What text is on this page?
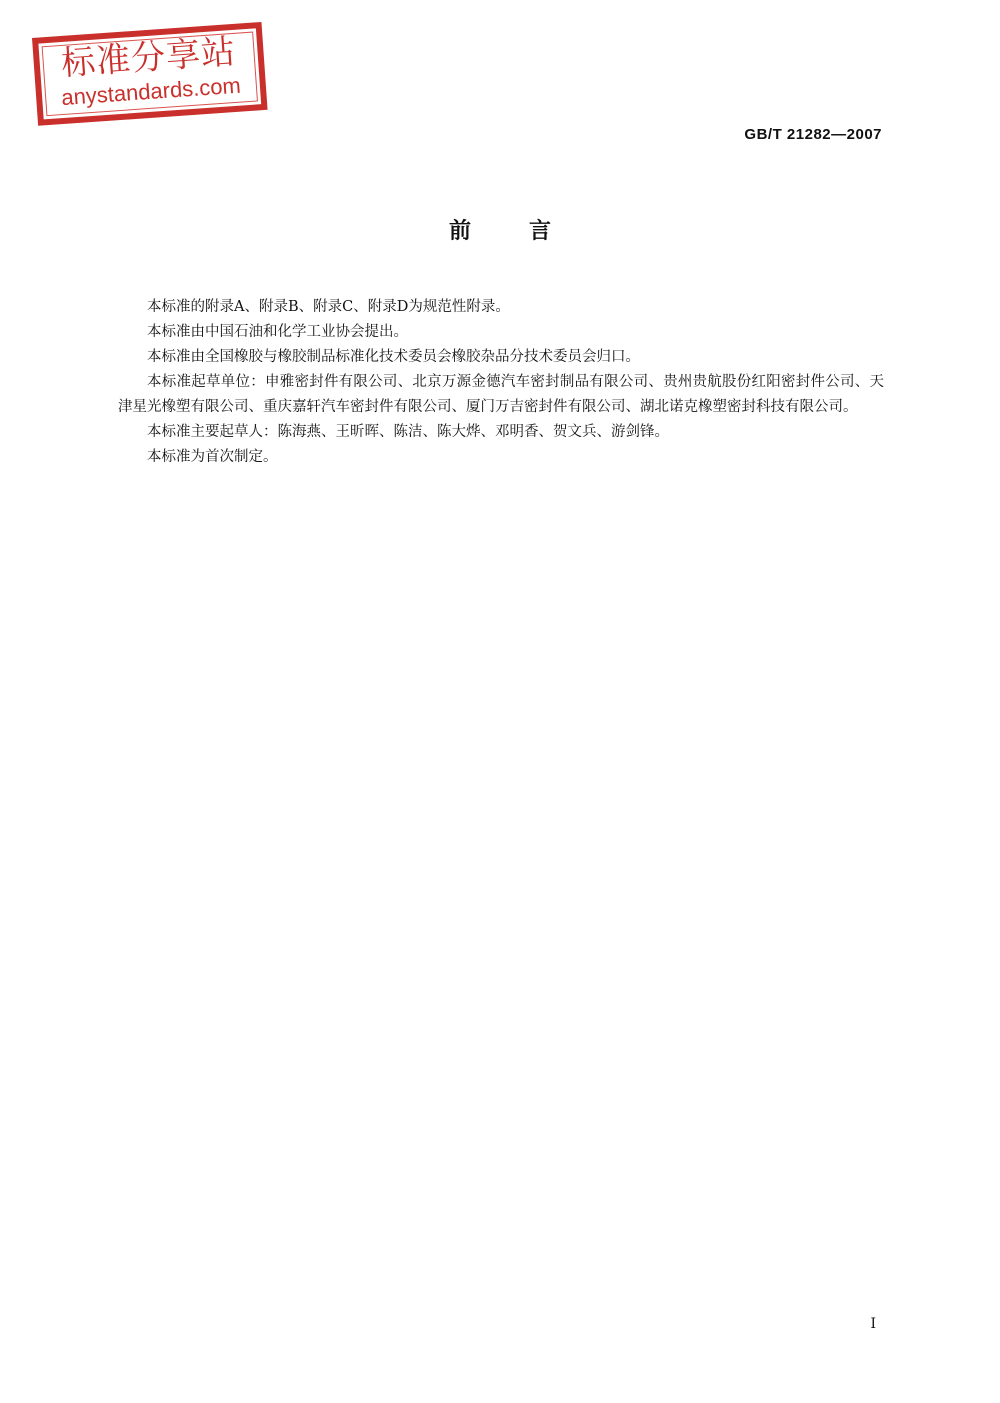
标准分享站
anystandards.com
GB/T 21282—2007
前言

本标准的附录A、附录B、附录C、附录D为规范性附录。

本标准由中国石油和化学工业协会提出。

本标准由全国橡胶与橡胶制品标准化技术委员会橡胶杂品分技术委员会归口。

本标准起草单位：申雅密封件有限公司、北京万源金德汽车密封制品有限公司、贵州贵航股份红阳密封件公司、天津星光橡塑有限公司、重庆嘉轩汽车密封件有限公司、厦门万吉密封件有限公司、湖北诺克橡塑密封科技有限公司。

本标准主要起草人：陈海燕、王昕晖、陈洁、陈大烨、邓明香、贺文兵、游剑锋。

本标准为首次制定。

I
